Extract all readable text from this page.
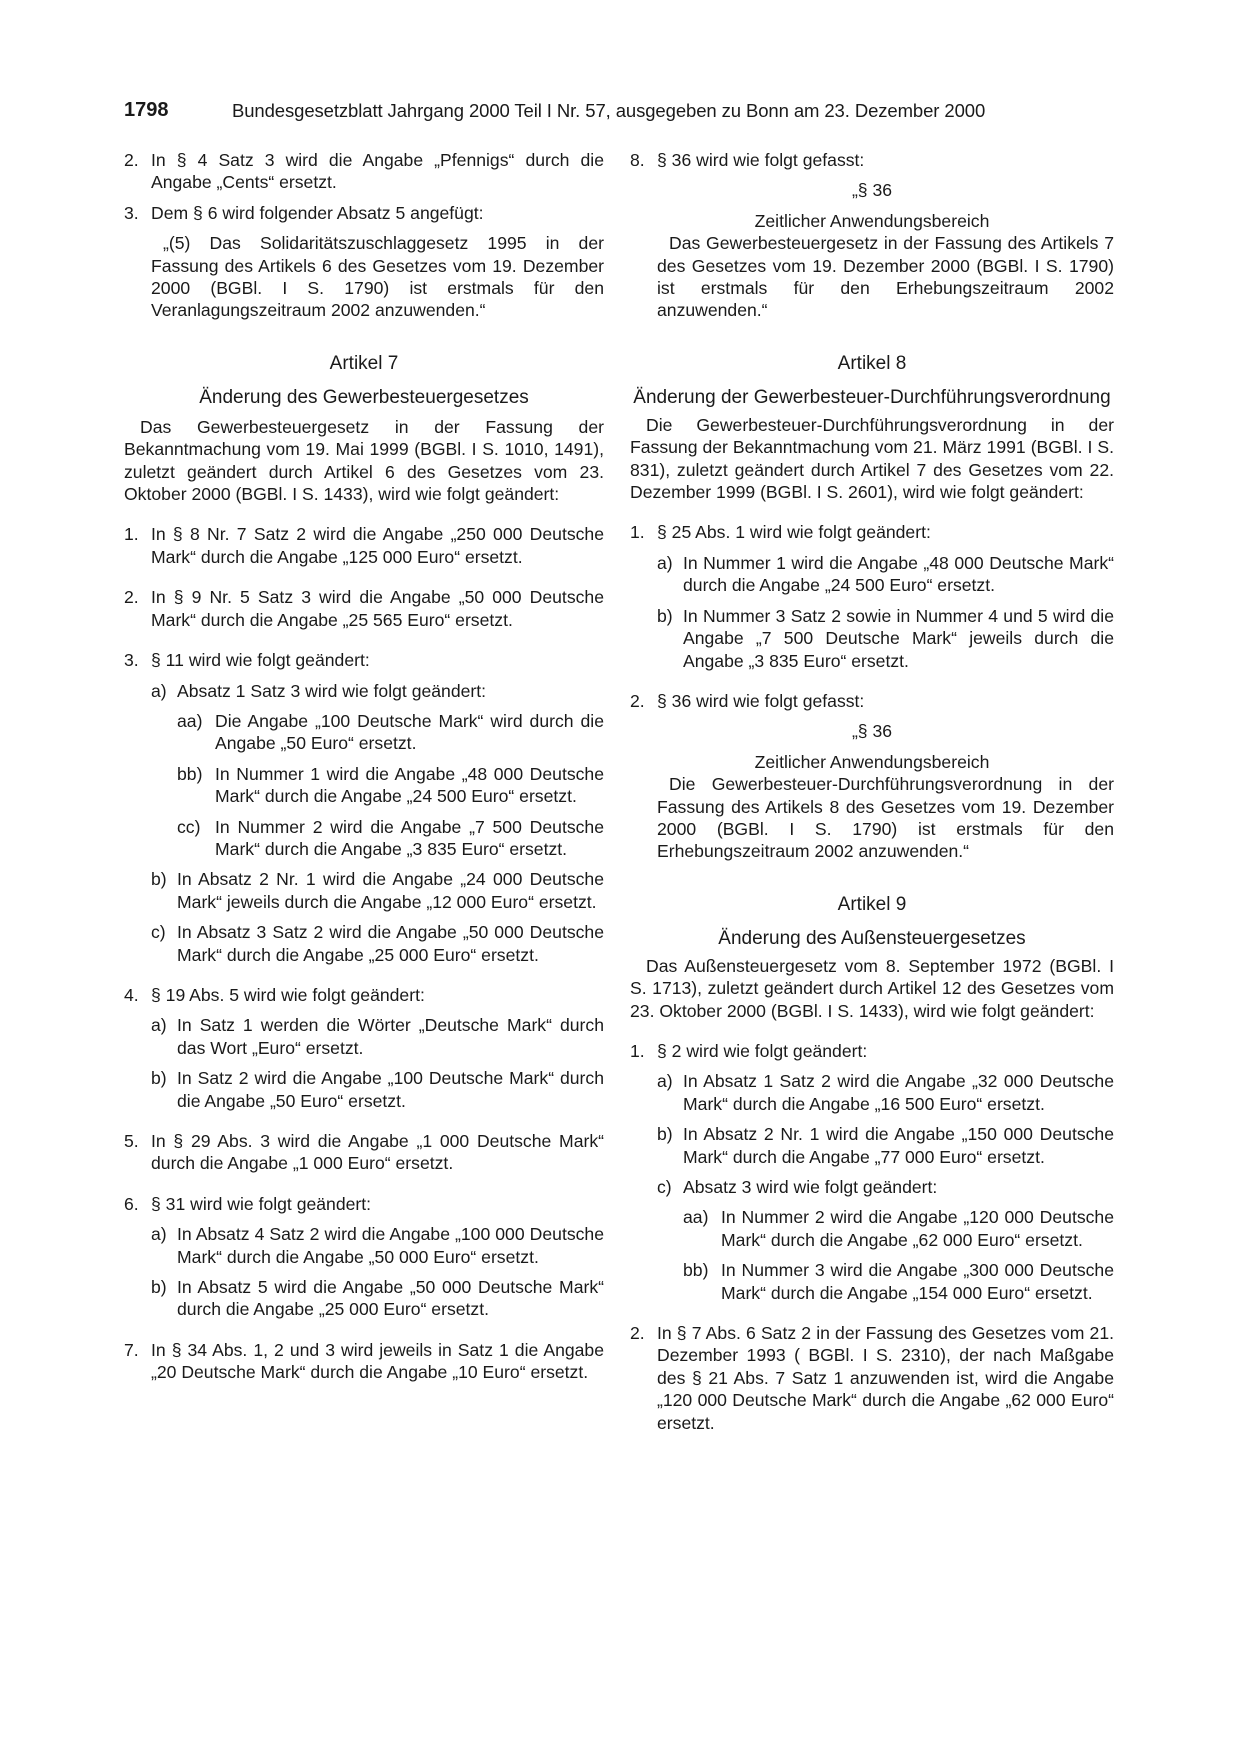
1798	Bundesgesetzblatt Jahrgang 2000 Teil I Nr. 57, ausgegeben zu Bonn am 23. Dezember 2000

2. In § 4 Satz 3 wird die Angabe „Pfennigs“ durch die Angabe „Cents“ ersetzt.

3. Dem § 6 wird folgender Absatz 5 angefügt:

„(5) Das Solidaritätszuschlaggesetz 1995 in der Fassung des Artikels 6 des Gesetzes vom 19. Dezember 2000 (BGBl. I S. 1790) ist erstmals für den Veranlagungszeitraum 2002 anzuwenden.“

Artikel 7

Änderung des Gewerbesteuergesetzes

Das Gewerbesteuergesetz in der Fassung der Bekanntmachung vom 19. Mai 1999 (BGBl. I S. 1010, 1491), zuletzt geändert durch Artikel 6 des Gesetzes vom 23. Oktober 2000 (BGBl. I S. 1433), wird wie folgt geändert:

1. In § 8 Nr. 7 Satz 2 wird die Angabe „250 000 Deutsche Mark“ durch die Angabe „125 000 Euro“ ersetzt.

2. In § 9 Nr. 5 Satz 3 wird die Angabe „50 000 Deutsche Mark“ durch die Angabe „25 565 Euro“ ersetzt.

3. § 11 wird wie folgt geändert:

a) Absatz 1 Satz 3 wird wie folgt geändert:

aa) Die Angabe „100 Deutsche Mark“ wird durch die Angabe „50 Euro“ ersetzt.

bb) In Nummer 1 wird die Angabe „48 000 Deutsche Mark“ durch die Angabe „24 500 Euro“ ersetzt.

cc) In Nummer 2 wird die Angabe „7 500 Deutsche Mark“ durch die Angabe „3 835 Euro“ ersetzt.

b) In Absatz 2 Nr. 1 wird die Angabe „24 000 Deutsche Mark“ jeweils durch die Angabe „12 000 Euro“ ersetzt.

c) In Absatz 3 Satz 2 wird die Angabe „50 000 Deutsche Mark“ durch die Angabe „25 000 Euro“ ersetzt.

4. § 19 Abs. 5 wird wie folgt geändert:

a) In Satz 1 werden die Wörter „Deutsche Mark“ durch das Wort „Euro“ ersetzt.

b) In Satz 2 wird die Angabe „100 Deutsche Mark“ durch die Angabe „50 Euro“ ersetzt.

5. In § 29 Abs. 3 wird die Angabe „1 000 Deutsche Mark“ durch die Angabe „1 000 Euro“ ersetzt.

6. § 31 wird wie folgt geändert:

a) In Absatz 4 Satz 2 wird die Angabe „100 000 Deutsche Mark“ durch die Angabe „50 000 Euro“ ersetzt.

b) In Absatz 5 wird die Angabe „50 000 Deutsche Mark“ durch die Angabe „25 000 Euro“ ersetzt.

7. In § 34 Abs. 1, 2 und 3 wird jeweils in Satz 1 die Angabe „20 Deutsche Mark“ durch die Angabe „10 Euro“ ersetzt.

8. § 36 wird wie folgt gefasst:

„§ 36

Zeitlicher Anwendungsbereich

Das Gewerbesteuergesetz in der Fassung des Artikels 7 des Gesetzes vom 19. Dezember 2000 (BGBl. I S. 1790) ist erstmals für den Erhebungszeitraum 2002 anzuwenden.“

Artikel 8

Änderung der Gewerbesteuer-Durchführungsverordnung

Die Gewerbesteuer-Durchführungsverordnung in der Fassung der Bekanntmachung vom 21. März 1991 (BGBl. I S. 831), zuletzt geändert durch Artikel 7 des Gesetzes vom 22. Dezember 1999 (BGBl. I S. 2601), wird wie folgt geändert:

1. § 25 Abs. 1 wird wie folgt geändert:

a) In Nummer 1 wird die Angabe „48 000 Deutsche Mark“ durch die Angabe „24 500 Euro“ ersetzt.

b) In Nummer 3 Satz 2 sowie in Nummer 4 und 5 wird die Angabe „7 500 Deutsche Mark“ jeweils durch die Angabe „3 835 Euro“ ersetzt.

2. § 36 wird wie folgt gefasst:

„§ 36

Zeitlicher Anwendungsbereich

Die Gewerbesteuer-Durchführungsverordnung in der Fassung des Artikels 8 des Gesetzes vom 19. Dezember 2000 (BGBl. I S. 1790) ist erstmals für den Erhebungszeitraum 2002 anzuwenden.“

Artikel 9

Änderung des Außensteuergesetzes

Das Außensteuergesetz vom 8. September 1972 (BGBl. I S. 1713), zuletzt geändert durch Artikel 12 des Gesetzes vom 23. Oktober 2000 (BGBl. I S. 1433), wird wie folgt geändert:

1. § 2 wird wie folgt geändert:

a) In Absatz 1 Satz 2 wird die Angabe „32 000 Deutsche Mark“ durch die Angabe „16 500 Euro“ ersetzt.

b) In Absatz 2 Nr. 1 wird die Angabe „150 000 Deutsche Mark“ durch die Angabe „77 000 Euro“ ersetzt.

c) Absatz 3 wird wie folgt geändert:

aa) In Nummer 2 wird die Angabe „120 000 Deutsche Mark“ durch die Angabe „62 000 Euro“ ersetzt.

bb) In Nummer 3 wird die Angabe „300 000 Deutsche Mark“ durch die Angabe „154 000 Euro“ ersetzt.

2. In § 7 Abs. 6 Satz 2 in der Fassung des Gesetzes vom 21. Dezember 1993 ( BGBl. I S. 2310), der nach Maßgabe des § 21 Abs. 7 Satz 1 anzuwenden ist, wird die Angabe „120 000 Deutsche Mark“ durch die Angabe „62 000 Euro“ ersetzt.
